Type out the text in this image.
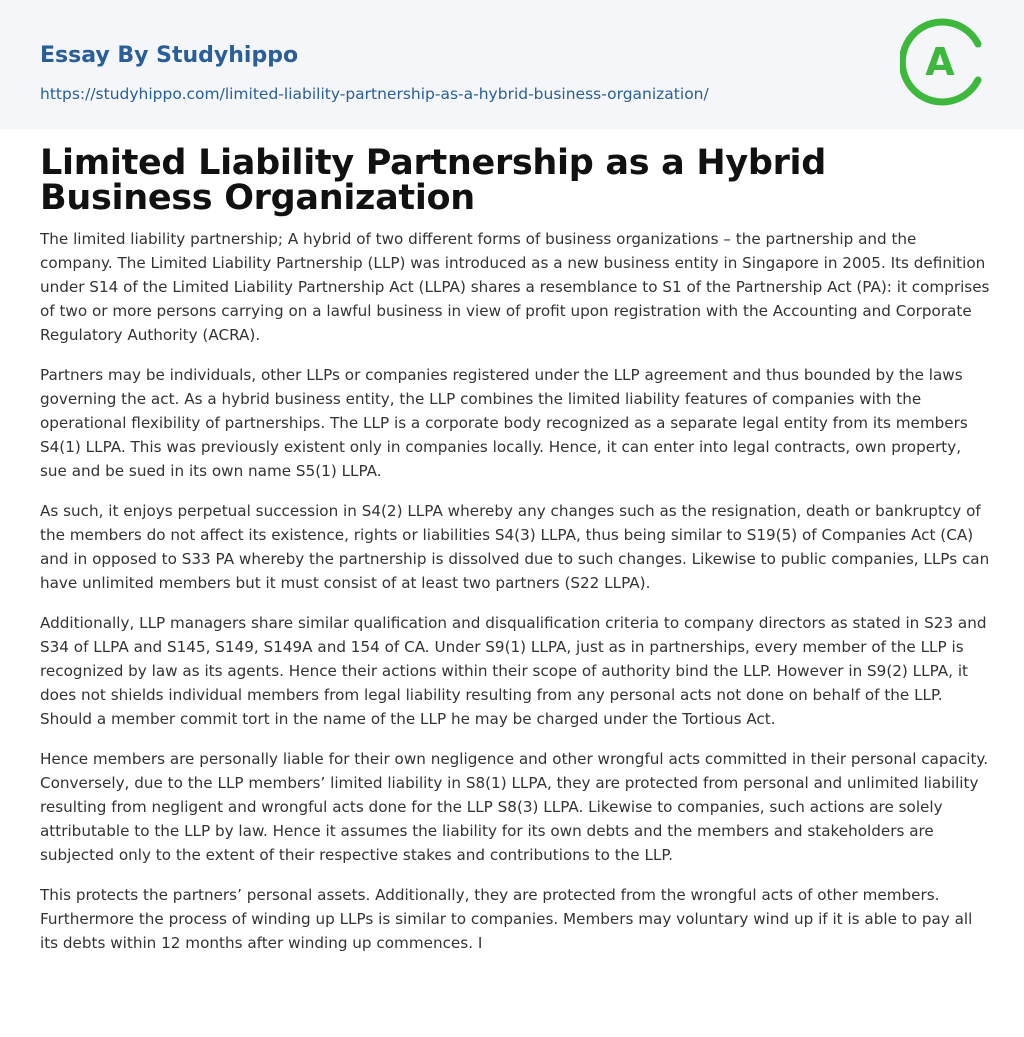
Essay By Studyhippo
https://studyhippo.com/limited-liability-partnership-as-a-hybrid-business-organization/
A
Limited Liability Partnership as a Hybrid Business Organization

The limited liability partnership; A hybrid of two different forms of business organizations – the partnership and the company. The Limited Liability Partnership (LLP) was introduced as a new business entity in Singapore in 2005. Its definition under S14 of the Limited Liability Partnership Act (LLPA) shares a resemblance to S1 of the Partnership Act (PA): it comprises of two or more persons carrying on a lawful business in view of profit upon registration with the Accounting and Corporate Regulatory Authority (ACRA).

Partners may be individuals, other LLPs or companies registered under the LLP agreement and thus bounded by the laws governing the act. As a hybrid business entity, the LLP combines the limited liability features of companies with the operational flexibility of partnerships. The LLP is a corporate body recognized as a separate legal entity from its members S4(1) LLPA. This was previously existent only in companies locally. Hence, it can enter into legal contracts, own property, sue and be sued in its own name S5(1) LLPA.

As such, it enjoys perpetual succession in S4(2) LLPA whereby any changes such as the resignation, death or bankruptcy of the members do not affect its existence, rights or liabilities S4(3) LLPA, thus being similar to S19(5) of Companies Act (CA) and in opposed to S33 PA whereby the partnership is dissolved due to such changes. Likewise to public companies, LLPs can have unlimited members but it must consist of at least two partners (S22 LLPA).

Additionally, LLP managers share similar qualification and disqualification criteria to company directors as stated in S23 and S34 of LLPA and S145, S149, S149A and 154 of CA. Under S9(1) LLPA, just as in partnerships, every member of the LLP is recognized by law as its agents. Hence their actions within their scope of authority bind the LLP. However in S9(2) LLPA, it does not shields individual members from legal liability resulting from any personal acts not done on behalf of the LLP. Should a member commit tort in the name of the LLP he may be charged under the Tortious Act.

Hence members are personally liable for their own negligence and other wrongful acts committed in their personal capacity. Conversely, due to the LLP members’ limited liability in S8(1) LLPA, they are protected from personal and unlimited liability resulting from negligent and wrongful acts done for the LLP S8(3) LLPA. Likewise to companies, such actions are solely attributable to the LLP by law. Hence it assumes the liability for its own debts and the members and stakeholders are subjected only to the extent of their respective stakes and contributions to the LLP.

This protects the partners’ personal assets. Additionally, they are protected from the wrongful acts of other members. Furthermore the process of winding up LLPs is similar to companies. Members may voluntary wind up if it is able to pay all its debts within 12 months after winding up commences. I
